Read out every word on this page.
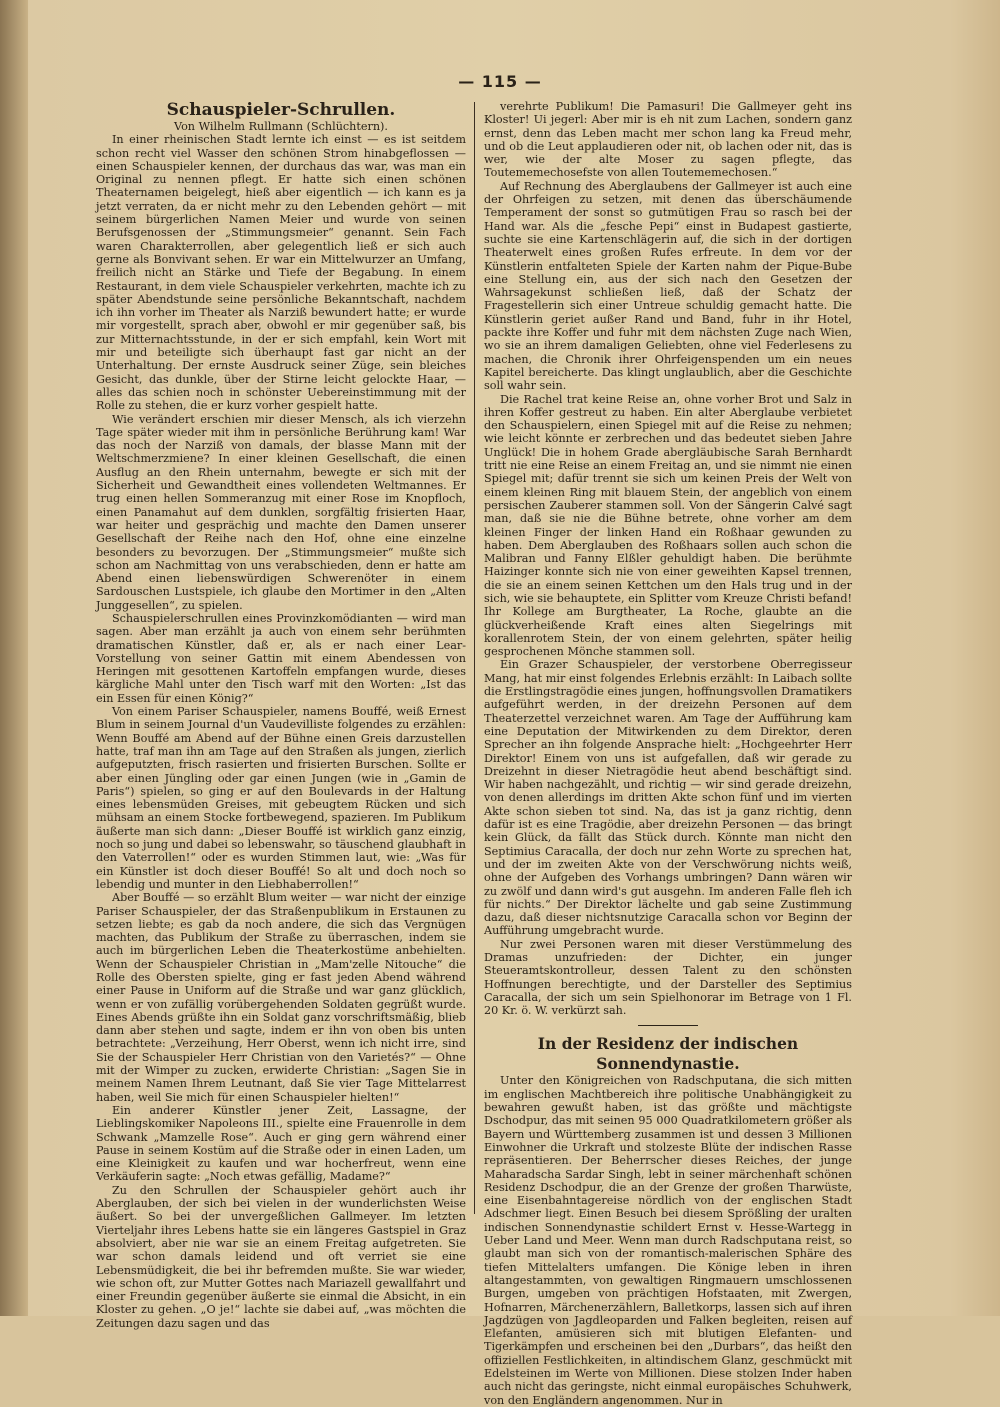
— 115 —

Schauspieler-Schrullen.

Von Wilhelm Rullmann (Schlüchtern).

In einer rheinischen Stadt lernte ich einst — es ist seitdem schon recht viel Wasser den schönen Strom hinabgeflossen — einen Schauspieler kennen, der durchaus das war, was man ein Original zu nennen pflegt. Er hatte sich einen schönen Theaternamen beigelegt, hieß aber eigentlich — ich kann es ja jetzt verraten, da er nicht mehr zu den Lebenden gehört — mit seinem bürgerlichen Namen Meier und wurde von seinen Berufsgenossen der „Stimmungsmeier“ genannt. Sein Fach waren Charakterrollen, aber gelegentlich ließ er sich auch gerne als Bonvivant sehen. Er war ein Mittelwurzer an Umfang, freilich nicht an Stärke und Tiefe der Begabung. In einem Restaurant, in dem viele Schauspieler verkehrten, machte ich zu später Abendstunde seine persönliche Bekanntschaft, nachdem ich ihn vorher im Theater als Narziß bewundert hatte; er wurde mir vorgestellt, sprach aber, obwohl er mir gegenüber saß, bis zur Mitternachtsstunde, in der er sich empfahl, kein Wort mit mir und beteiligte sich überhaupt fast gar nicht an der Unterhaltung. Der ernste Ausdruck seiner Züge, sein bleiches Gesicht, das dunkle, über der Stirne leicht gelockte Haar, — alles das schien noch in schönster Uebereinstimmung mit der Rolle zu stehen, die er kurz vorher gespielt hatte.

Wie verändert erschien mir dieser Mensch, als ich vierzehn Tage später wieder mit ihm in persönliche Berührung kam! War das noch der Narziß von damals, der blasse Mann mit der Weltschmerzmiene? In einer kleinen Gesellschaft, die einen Ausflug an den Rhein unternahm, bewegte er sich mit der Sicherheit und Gewandtheit eines vollendeten Weltmannes. Er trug einen hellen Sommeranzug mit einer Rose im Knopfloch, einen Panamahut auf dem dunklen, sorgfältig frisierten Haar, war heiter und gesprächig und machte den Damen unserer Gesellschaft der Reihe nach den Hof, ohne eine einzelne besonders zu bevorzugen. Der „Stimmungsmeier“ mußte sich schon am Nachmittag von uns verabschieden, denn er hatte am Abend einen liebenswürdigen Schwerenöter in einem Sardouschen Lustspiele, ich glaube den Mortimer in den „Alten Junggesellen“, zu spielen.

Schauspielerschrullen eines Provinzkomödianten — wird man sagen. Aber man erzählt ja auch von einem sehr berühmten dramatischen Künstler, daß er, als er nach einer Lear-Vorstellung von seiner Gattin mit einem Abendessen von Heringen mit gesottenen Kartoffeln empfangen wurde, dieses kärgliche Mahl unter den Tisch warf mit den Worten: „Ist das ein Essen für einen König?“

Von einem Pariser Schauspieler, namens Bouffé, weiß Ernest Blum in seinem Journal d'un Vaudevilliste folgendes zu erzählen: Wenn Bouffé am Abend auf der Bühne einen Greis darzustellen hatte, traf man ihn am Tage auf den Straßen als jungen, zierlich aufgeputzten, frisch rasierten und frisierten Burschen. Sollte er aber einen Jüngling oder gar einen Jungen (wie in „Gamin de Paris“) spielen, so ging er auf den Boulevards in der Haltung eines lebensmüden Greises, mit gebeugtem Rücken und sich mühsam an einem Stocke fortbewegend, spazieren. Im Publikum äußerte man sich dann: „Dieser Bouffé ist wirklich ganz einzig, noch so jung und dabei so lebenswahr, so täuschend glaubhaft in den Vaterrollen!“ oder es wurden Stimmen laut, wie: „Was für ein Künstler ist doch dieser Bouffé! So alt und doch noch so lebendig und munter in den Liebhaberrollen!“

Aber Bouffé — so erzählt Blum weiter — war nicht der einzige Pariser Schauspieler, der das Straßenpublikum in Erstaunen zu setzen liebte; es gab da noch andere, die sich das Vergnügen machten, das Publikum der Straße zu überraschen, indem sie auch im bürgerlichen Leben die Theaterkostüme anbehielten. Wenn der Schauspieler Christian in „Mam'zelle Nitouche“ die Rolle des Obersten spielte, ging er fast jeden Abend während einer Pause in Uniform auf die Straße und war ganz glücklich, wenn er von zufällig vorübergehenden Soldaten gegrüßt wurde. Eines Abends grüßte ihn ein Soldat ganz vorschriftsmäßig, blieb dann aber stehen und sagte, indem er ihn von oben bis unten betrachtete: „Verzeihung, Herr Oberst, wenn ich nicht irre, sind Sie der Schauspieler Herr Christian von den Varietés?“ — Ohne mit der Wimper zu zucken, erwiderte Christian: „Sagen Sie in meinem Namen Ihrem Leutnant, daß Sie vier Tage Mittelarrest haben, weil Sie mich für einen Schauspieler hielten!“

Ein anderer Künstler jener Zeit, Lassagne, der Lieblingskomiker Napoleons III., spielte eine Frauenrolle in dem Schwank „Mamzelle Rose“. Auch er ging gern während einer Pause in seinem Kostüm auf die Straße oder in einen Laden, um eine Kleinigkeit zu kaufen und war hocherfreut, wenn eine Verkäuferin sagte: „Noch etwas gefällig, Madame?“

Zu den Schrullen der Schauspieler gehört auch ihr Aberglauben, der sich bei vielen in der wunderlichsten Weise äußert. So bei der unvergeßlichen Gallmeyer. Im letzten Vierteljahr ihres Lebens hatte sie ein längeres Gastspiel in Graz absolviert, aber nie war sie an einem Freitag aufgetreten. Sie war schon damals leidend und oft verriet sie eine Lebensmüdigkeit, die bei ihr befremden mußte. Sie war wieder, wie schon oft, zur Mutter Gottes nach Mariazell gewallfahrt und einer Freundin gegenüber äußerte sie einmal die Absicht, in ein Kloster zu gehen. „O je!“ lachte sie dabei auf, „was möchten die Zeitungen dazu sagen und das

verehrte Publikum! Die Pamasuri! Die Gallmeyer geht ins Kloster! Ui jegerl: Aber mir is eh nit zum Lachen, sondern ganz ernst, denn das Leben macht mer schon lang ka Freud mehr, und ob die Leut applaudieren oder nit, ob lachen oder nit, das is wer, wie der alte Moser zu sagen pflegte, das Toutememechosefste von allen Toutememechosen.“

Auf Rechnung des Aberglaubens der Gallmeyer ist auch eine der Ohrfeigen zu setzen, mit denen das überschäumende Temperament der sonst so gutmütigen Frau so rasch bei der Hand war. Als die „fesche Pepi“ einst in Budapest gastierte, suchte sie eine Kartenschlägerin auf, die sich in der dortigen Theaterwelt eines großen Rufes erfreute. In dem vor der Künstlerin entfalteten Spiele der Karten nahm der Pique-Bube eine Stellung ein, aus der sich nach den Gesetzen der Wahrsagekunst schließen ließ, daß der Schatz der Fragestellerin sich einer Untreue schuldig gemacht hatte. Die Künstlerin geriet außer Rand und Band, fuhr in ihr Hotel, packte ihre Koffer und fuhr mit dem nächsten Zuge nach Wien, wo sie an ihrem damaligen Geliebten, ohne viel Federlesens zu machen, die Chronik ihrer Ohrfeigenspenden um ein neues Kapitel bereicherte. Das klingt unglaublich, aber die Geschichte soll wahr sein.

Die Rachel trat keine Reise an, ohne vorher Brot und Salz in ihren Koffer gestreut zu haben. Ein alter Aberglaube verbietet den Schauspielern, einen Spiegel mit auf die Reise zu nehmen; wie leicht könnte er zerbrechen und das bedeutet sieben Jahre Unglück! Die in hohem Grade abergläubische Sarah Bernhardt tritt nie eine Reise an einem Freitag an, und sie nimmt nie einen Spiegel mit; dafür trennt sie sich um keinen Preis der Welt von einem kleinen Ring mit blauem Stein, der angeblich von einem persischen Zauberer stammen soll. Von der Sängerin Calvé sagt man, daß sie nie die Bühne betrete, ohne vorher am dem kleinen Finger der linken Hand ein Roßhaar gewunden zu haben. Dem Aberglauben des Roßhaars sollen auch schon die Malibran und Fanny Elßler gehuldigt haben. Die berühmte Haizinger konnte sich nie von einer geweihten Kapsel trennen, die sie an einem seinen Kettchen um den Hals trug und in der sich, wie sie behauptete, ein Splitter vom Kreuze Christi befand! Ihr Kollege am Burgtheater, La Roche, glaubte an die glückverheißende Kraft eines alten Siegelrings mit korallenrotem Stein, der von einem gelehrten, später heilig gesprochenen Mönche stammen soll.

Ein Grazer Schauspieler, der verstorbene Oberregisseur Mang, hat mir einst folgendes Erlebnis erzählt: In Laibach sollte die Erstlingstragödie eines jungen, hoffnungsvollen Dramatikers aufgeführt werden, in der dreizehn Personen auf dem Theaterzettel verzeichnet waren. Am Tage der Aufführung kam eine Deputation der Mitwirkenden zu dem Direktor, deren Sprecher an ihn folgende Ansprache hielt: „Hochgeehrter Herr Direktor! Einem von uns ist aufgefallen, daß wir gerade zu Dreizehnt in dieser Nietragödie heut abend beschäftigt sind. Wir haben nachgezählt, und richtig — wir sind gerade dreizehn, von denen allerdings im dritten Akte schon fünf und im vierten Akte schon sieben tot sind. Na, das ist ja ganz richtig, denn dafür ist es eine Tragödie, aber dreizehn Personen — das bringt kein Glück, da fällt das Stück durch. Könnte man nicht den Septimius Caracalla, der doch nur zehn Worte zu sprechen hat, und der im zweiten Akte von der Verschwörung nichts weiß, ohne der Aufgeben des Vorhangs umbringen? Dann wären wir zu zwölf und dann wird's gut ausgehn. Im anderen Falle fleh ich für nichts.“ Der Direktor lächelte und gab seine Zustimmung dazu, daß dieser nichtsnutzige Caracalla schon vor Beginn der Aufführung umgebracht wurde.

Nur zwei Personen waren mit dieser Verstümmelung des Dramas unzufrieden: der Dichter, ein junger Steueramtskontrolleur, dessen Talent zu den schönsten Hoffnungen berechtigte, und der Darsteller des Septimius Caracalla, der sich um sein Spielhonorar im Betrage von 1 Fl. 20 Kr. ö. W. verkürzt sah.

In der Residenz der indischen Sonnendynastie.

Unter den Königreichen von Radschputana, die sich mitten im englischen Machtbereich ihre politische Unabhängigkeit zu bewahren gewußt haben, ist das größte und mächtigste Dschodpur, das mit seinen 95 000 Quadratkilometern größer als Bayern und Württemberg zusammen ist und dessen 3 Millionen Einwohner die Urkraft und stolzeste Blüte der indischen Rasse repräsentieren. Der Beherrscher dieses Reiches, der junge Maharadscha Sardar Singh, lebt in seiner märchenhaft schönen Residenz Dschodpur, die an der Grenze der großen Tharwüste, eine Eisenbahntagereise nördlich von der englischen Stadt Adschmer liegt. Einen Besuch bei diesem Sprößling der uralten indischen Sonnendynastie schildert Ernst v. Hesse-Wartegg in Ueber Land und Meer. Wenn man durch Radschputana reist, so glaubt man sich von der romantisch-malerischen Sphäre des tiefen Mittelalters umfangen. Die Könige leben in ihren altangestammten, von gewaltigen Ringmauern umschlossenen Burgen, umgeben von prächtigen Hofstaaten, mit Zwergen, Hofnarren, Märchenerzählern, Balletkorps, lassen sich auf ihren Jagdzügen von Jagdleoparden und Falken begleiten, reisen auf Elefanten, amüsieren sich mit blutigen Elefanten- und Tigerkämpfen und erscheinen bei den „Durbars“, das heißt den offiziellen Festlichkeiten, in altindischem Glanz, geschmückt mit Edelsteinen im Werte von Millionen. Diese stolzen Inder haben auch nicht das geringste, nicht einmal europäisches Schuhwerk, von den Engländern angenommen. Nur in
